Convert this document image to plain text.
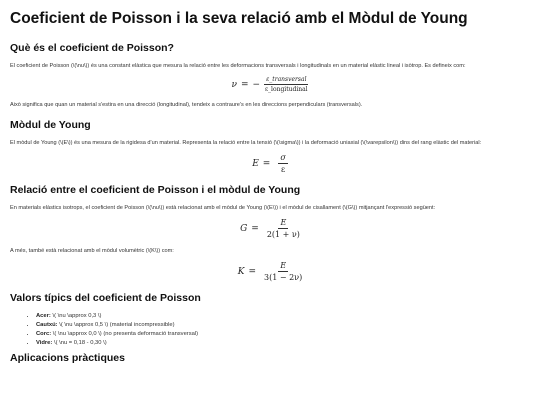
Coeficient de Poisson i la seva relació amb el Mòdul de Young
Què és el coeficient de Poisson?

El coeficient de Poisson (\(\nu\)) és una constant elàstica que mesura la relació entre les deformacions transversals i longitudinals en un material elàstic lineal i isòtrop. Es defineix com:

ν = − $\frac{\text{ε\_transversal}}{\text{ε\_longitudinal}}$

Això significa que quan un material s'estira en una direcció (longitudinal), tendeix a contraure's en les direccions perpendiculars (transversals).

Mòdul de Young

El mòdul de Young (\(E\)) és una mesura de la rigidesa d'un material. Representa la relació entre la tensió (\(\sigma\)) i la deformació uniaxial (\(\varepsilon\)) dins del rang elàstic del material:

$E = \frac{\sigma}{\varepsilon}$
Relació entre el coeficient de Poisson i el mòdul de Young

En materials elàstics isotrops, el coeficient de Poisson (\(\nu\)) està relacionat amb el mòdul de Young (\(E\)) i el mòdul de cisallament (\(G\)) mitjançant l'expressió següent:

$G = \frac{E}{2(1 + \nu)}$

A més, també està relacionat amb el mòdul volumètric (\(K\)) com:

$K = \frac{E}{3(1 - 2\nu)}$
Valors típics del coeficient de Poisson
• Acer: \( \nu \approx 0,3 \)
• Cautxú: \( \nu \approx 0,5 \) (material incompressible)
• Corc: \( \nu \approx 0,0 \) (no presenta deformació transversal)
• Vidre: \( \nu = 0,18 - 0,30 \)
Aplicacions pràctiques
